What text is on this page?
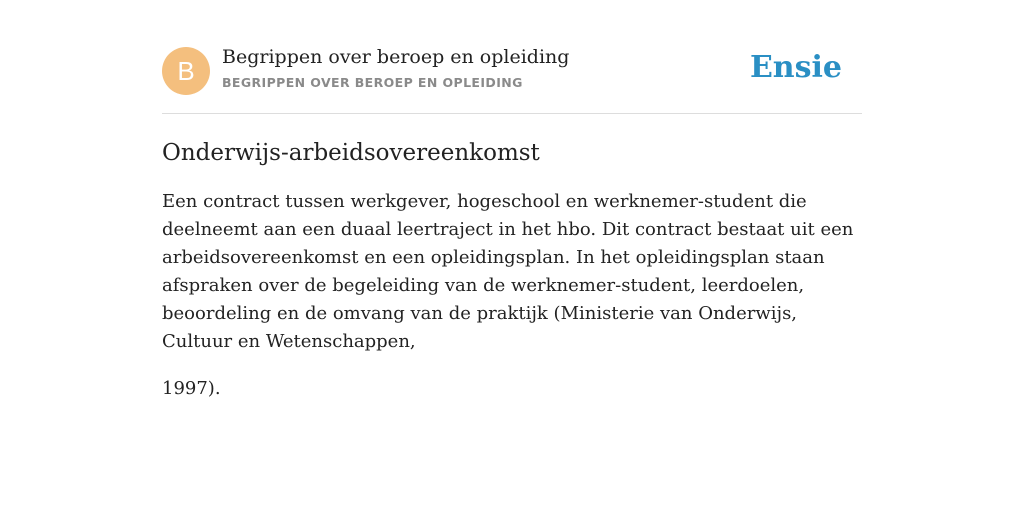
B	Begrippen over beroep en opleiding
BEGRIPPEN OVER BEROEP EN OPLEIDING	Ensie
Onderwijs-arbeidsovereenkomst

Een contract tussen werkgever, hogeschool en werknemer-student die deelneemt aan een duaal leertraject in het hbo. Dit contract bestaat uit een arbeidsovereenkomst en een opleidingsplan. In het opleidingsplan staan afspraken over de begeleiding van de werknemer-student, leerdoelen, beoordeling en de omvang van de praktijk (Ministerie van Onderwijs, Cultuur en Wetenschappen,

1997).
